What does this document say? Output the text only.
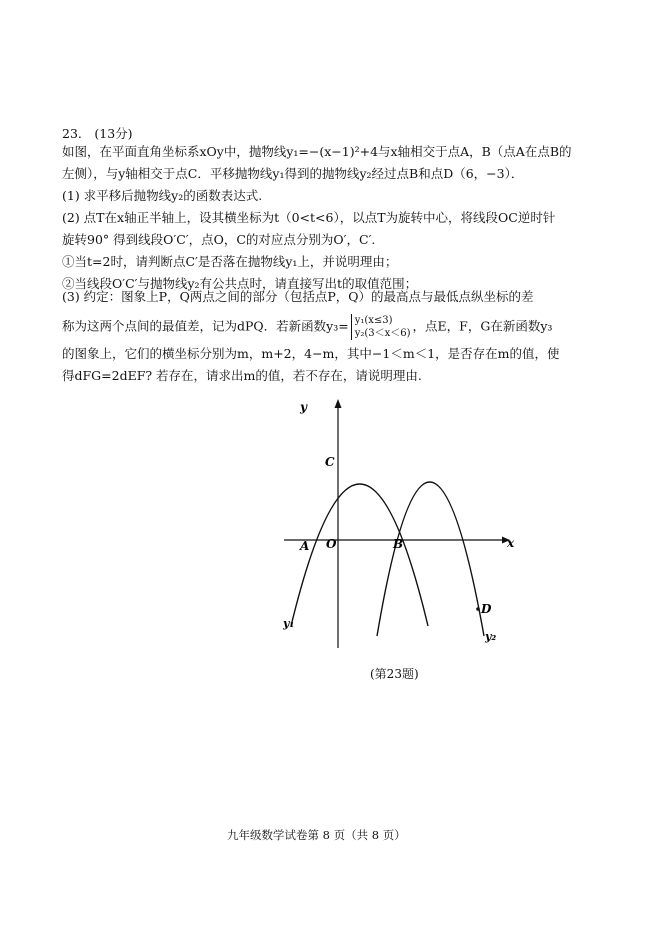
23.　(13分)
如图，在平面直角坐标系xOy中，抛物线y₁=−(x−1)²+4与x轴相交于点A，B（点A在点B的
左侧），与y轴相交于点C．平移抛物线y₁得到的抛物线y₂经过点B和点D（6，−3）．
(1) 求平移后抛物线y₂的函数表达式.
(2) 点T在x轴正半轴上，设其横坐标为t（0<t<6），以点T为旋转中心，将线段OC逆时针
旋转90° 得到线段O′C′，点O，C的对应点分别为O′，C′.
①当t=2时，请判断点C′是否落在抛物线y₁上，并说明理由；
②当线段O′C′与抛物线y₂有公共点时，请直接写出t的取值范围；
(3) 约定：图象上P，Q两点之间的部分（包括点P，Q）的最高点与最低点纵坐标的差
称为这两个点间的最值差，记为dPQ．若新函数y₃= y₁(x≤3)
y₂(3＜x＜6) ，点E，F，G在新函数y₃
的图象上，它们的横坐标分别为m，m+2，4−m，其中−1＜m＜1，是否存在m的值，使
得dFG=2dEF? 若存在，请求出m的值，若不存在，请说明理由.
y
x
C
A O	B
D
y₁
y₂
(第23题)
九年级数学试卷第 8 页（共 8 页）
